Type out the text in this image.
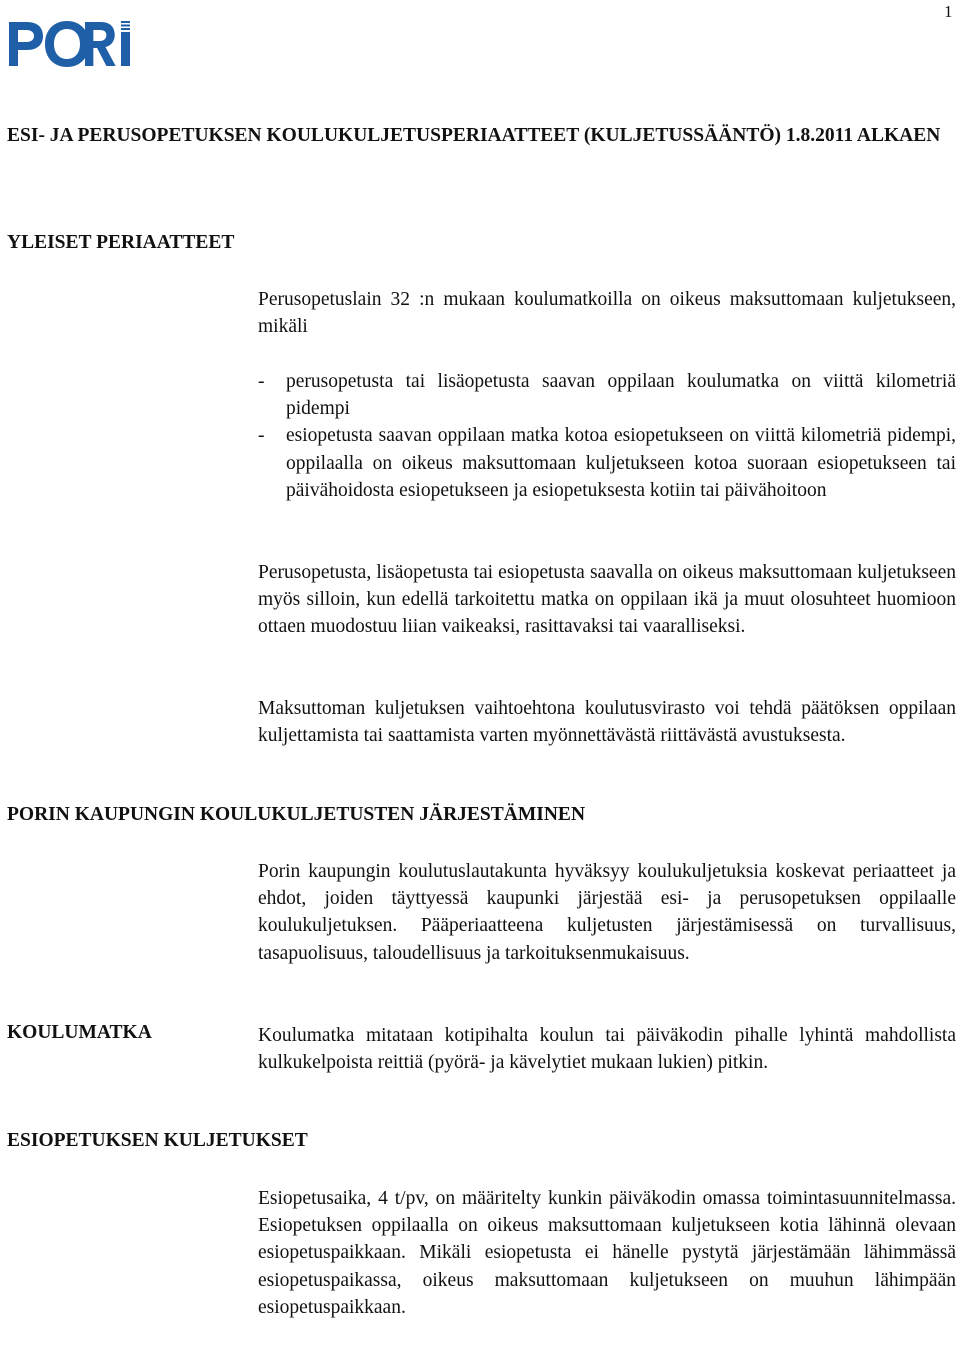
1
ESI- JA PERUSOPETUKSEN KOULUKULJETUSPERIAATTEET (KULJETUSSÄÄNTÖ) 1.8.2011 ALKAEN
YLEISET PERIAATTEET
Perusopetuslain 32 :n mukaan koulumatkoilla on oikeus maksuttomaan kuljetukseen, mikäli
- perusopetusta tai lisäopetusta saavan oppilaan koulumatka on viittä kilometriä pidempi
- esiopetusta saavan oppilaan matka kotoa esiopetukseen on viittä kilometriä pidempi, oppilaalla on oikeus maksuttomaan kuljetukseen kotoa suoraan esiopetukseen tai päivähoidosta esiopetukseen ja esiopetuksesta kotiin tai päivähoitoon
Perusopetusta, lisäopetusta tai esiopetusta saavalla on oikeus maksuttomaan kuljetukseen myös silloin, kun edellä tarkoitettu matka on oppilaan ikä ja muut olosuhteet huomioon ottaen muodostuu liian vaikeaksi, rasittavaksi tai vaaralliseksi.
Maksuttoman kuljetuksen vaihtoehtona koulutusvirasto voi tehdä päätöksen oppilaan kuljettamista tai saattamista varten myönnettävästä riittävästä avustuksesta.
PORIN KAUPUNGIN KOULUKULJETUSTEN JÄRJESTÄMINEN
Porin kaupungin koulutuslautakunta hyväksyy koulukuljetuksia koskevat periaatteet ja ehdot, joiden täyttyessä kaupunki järjestää esi- ja perusopetuksen oppilaalle koulukuljetuksen. Pääperiaatteena kuljetusten järjestämisessä on turvallisuus, tasapuolisuus, taloudellisuus ja tarkoituksenmukaisuus.
KOULUMATKA	Koulumatka mitataan kotipihalta koulun tai päiväkodin pihalle lyhintä mahdollista kulkukelpoista reittiä (pyörä- ja kävelytiet mukaan lukien) pitkin.
ESIOPETUKSEN KULJETUKSET
Esiopetusaika, 4 t/pv, on määritelty kunkin päiväkodin omassa toimintasuunnitelmassa. Esiopetuksen oppilaalla on oikeus maksuttomaan kuljetukseen kotia lähinnä olevaan esiopetuspaikkaan. Mikäli esiopetusta ei hänelle pystytä järjestämään lähimmässä esiopetuspaikassa, oikeus maksuttomaan kuljetukseen on muuhun lähimpään esiopetuspaikkaan.
